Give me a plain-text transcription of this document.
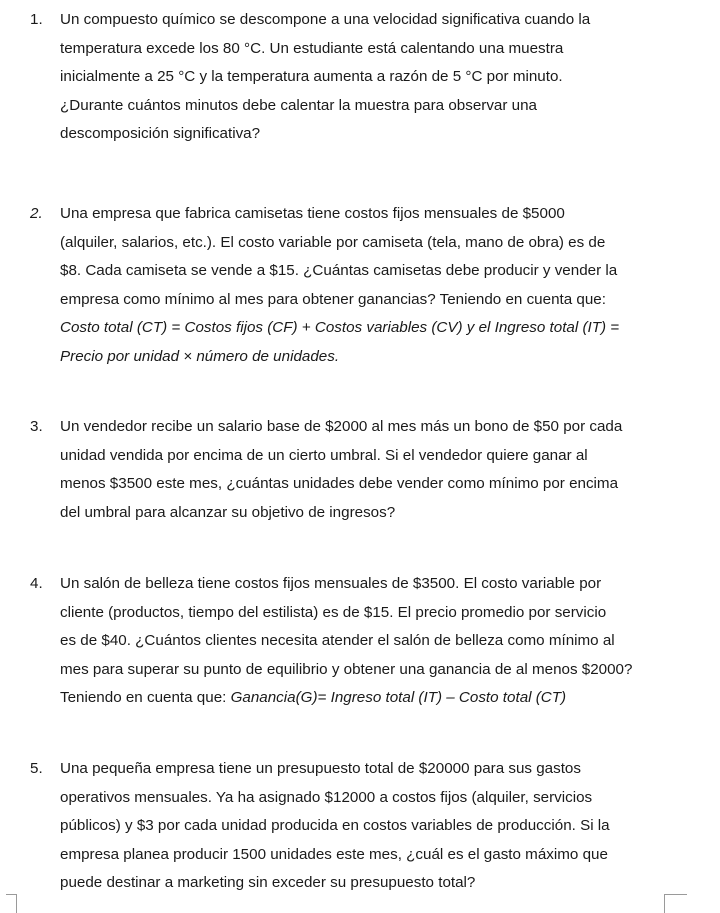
1.	Un compuesto químico se descompone a una velocidad significativa cuando la
temperatura excede los 80 °C. Un estudiante está calentando una muestra
inicialmente a 25 °C y la temperatura aumenta a razón de 5 °C por minuto.
¿Durante cuántos minutos debe calentar la muestra para observar una
descomposición significativa?
2.	Una empresa que fabrica camisetas tiene costos fijos mensuales de $5000
(alquiler, salarios, etc.). El costo variable por camiseta (tela, mano de obra) es de
$8. Cada camiseta se vende a $15. ¿Cuántas camisetas debe producir y vender la
empresa como mínimo al mes para obtener ganancias? Teniendo en cuenta que:
Costo total (CT) = Costos fijos (CF) + Costos variables (CV) y el Ingreso total (IT) =
Precio por unidad × número de unidades.
3.	Un vendedor recibe un salario base de $2000 al mes más un bono de $50 por cada
unidad vendida por encima de un cierto umbral. Si el vendedor quiere ganar al
menos $3500 este mes, ¿cuántas unidades debe vender como mínimo por encima
del umbral para alcanzar su objetivo de ingresos?
4.	Un salón de belleza tiene costos fijos mensuales de $3500. El costo variable por
cliente (productos, tiempo del estilista) es de $15. El precio promedio por servicio
es de $40. ¿Cuántos clientes necesita atender el salón de belleza como mínimo al
mes para superar su punto de equilibrio y obtener una ganancia de al menos $2000?
Teniendo en cuenta que: Ganancia(G)= Ingreso total (IT) – Costo total (CT)
5.	Una pequeña empresa tiene un presupuesto total de $20000 para sus gastos
operativos mensuales. Ya ha asignado $12000 a costos fijos (alquiler, servicios
públicos) y $3 por cada unidad producida en costos variables de producción. Si la
empresa planea producir 1500 unidades este mes, ¿cuál es el gasto máximo que
puede destinar a marketing sin exceder su presupuesto total?
